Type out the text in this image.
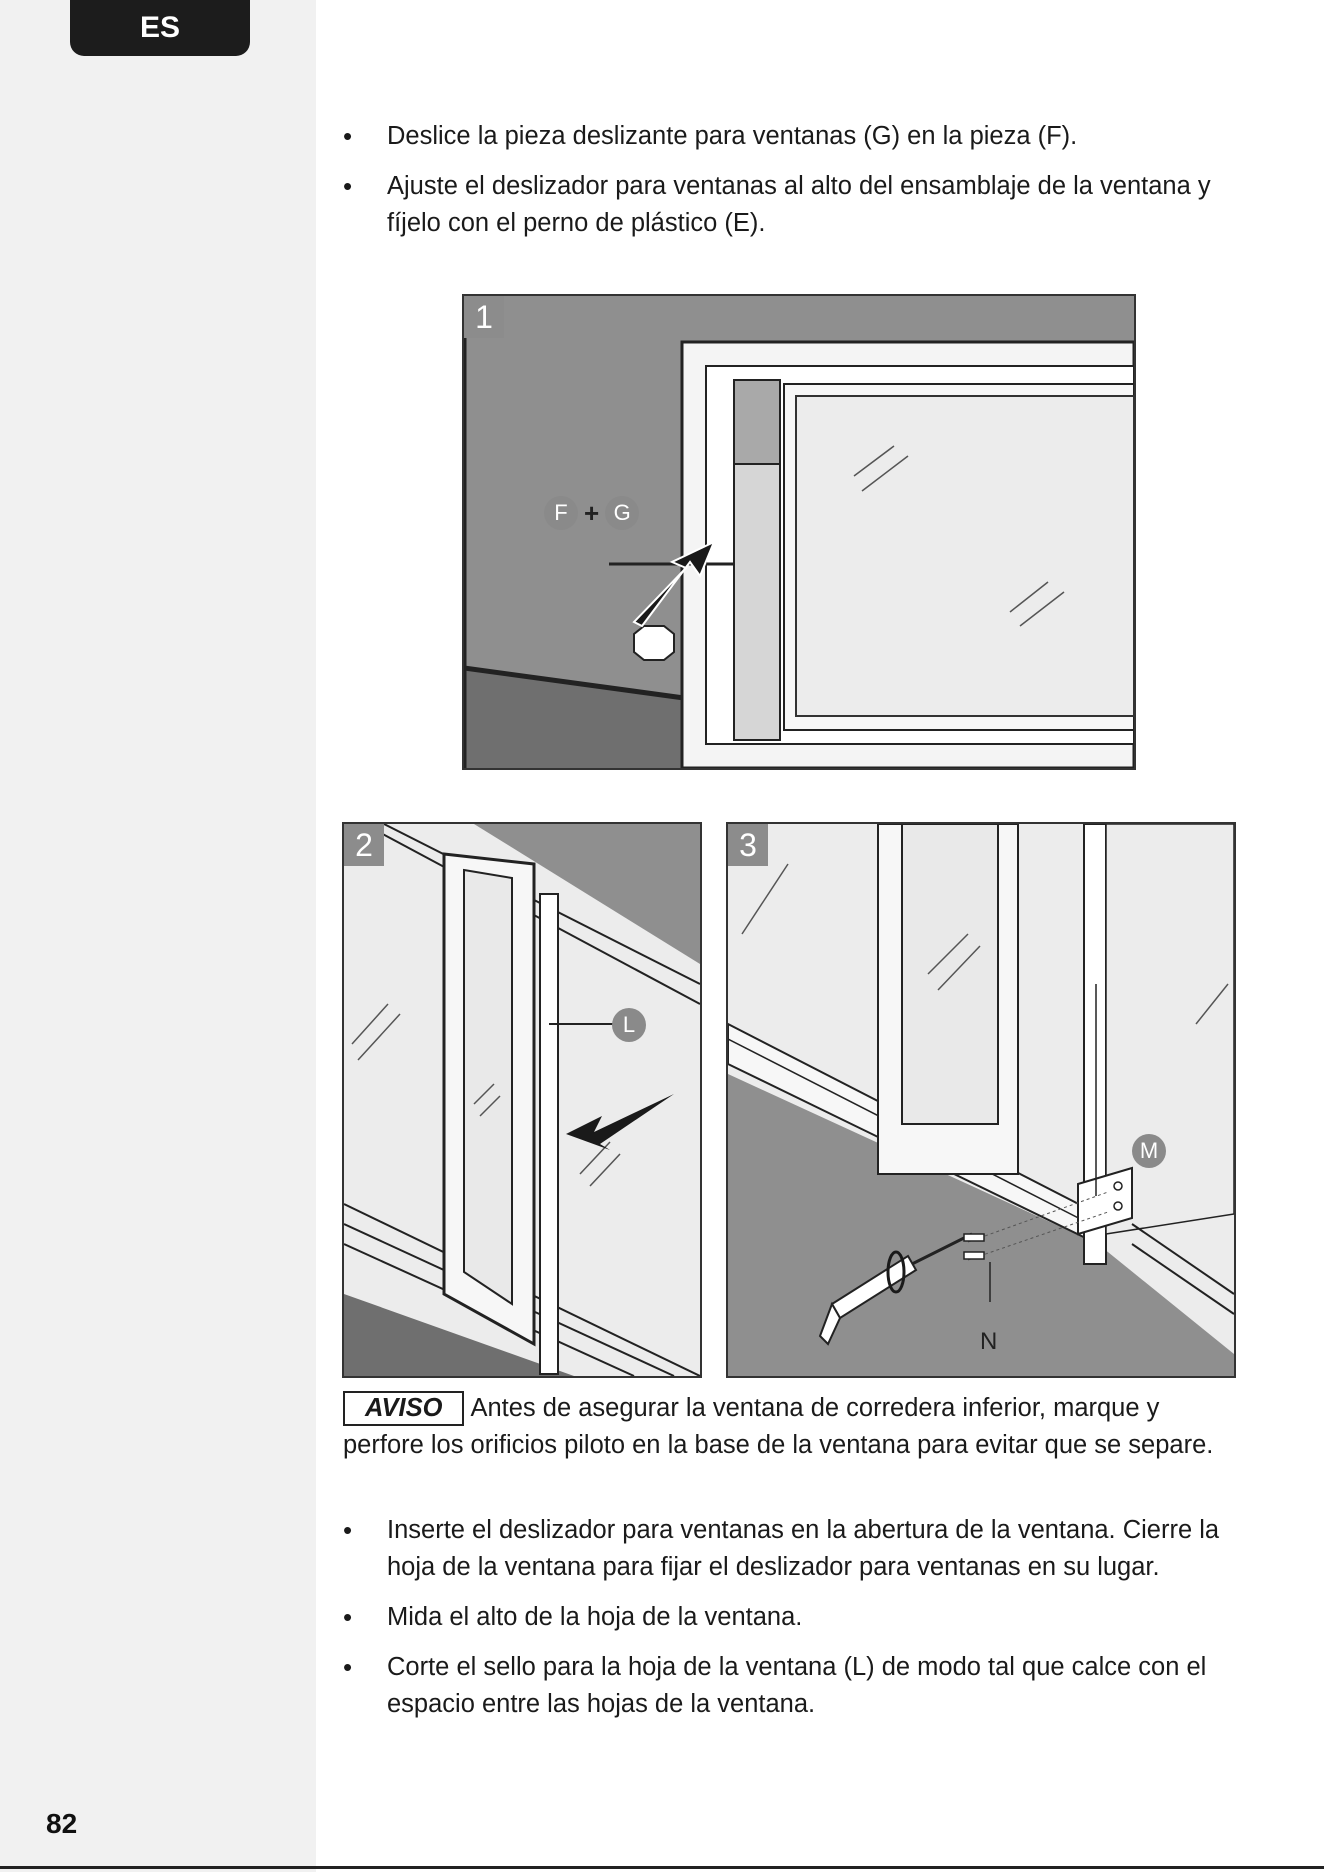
ES
82
• Deslice la pieza deslizante para ventanas (G) en la pieza (F).
• Ajuste el deslizador para ventanas al alto del ensamblaje de la ventana y fíjelo con el perno de plástico (E).
1
F + G
2
L
3
M
N
AVISO Antes de asegurar la ventana de corredera inferior, marque y perfore los orificios piloto en la base de la ventana para evitar que se separe.
• Inserte el deslizador para ventanas en la abertura de la ventana. Cierre la hoja de la ventana para fijar el deslizador para ventanas en su lugar.
• Mida el alto de la hoja de la ventana.
• Corte el sello para la hoja de la ventana (L) de modo tal que calce con el espacio entre las hojas de la ventana.
